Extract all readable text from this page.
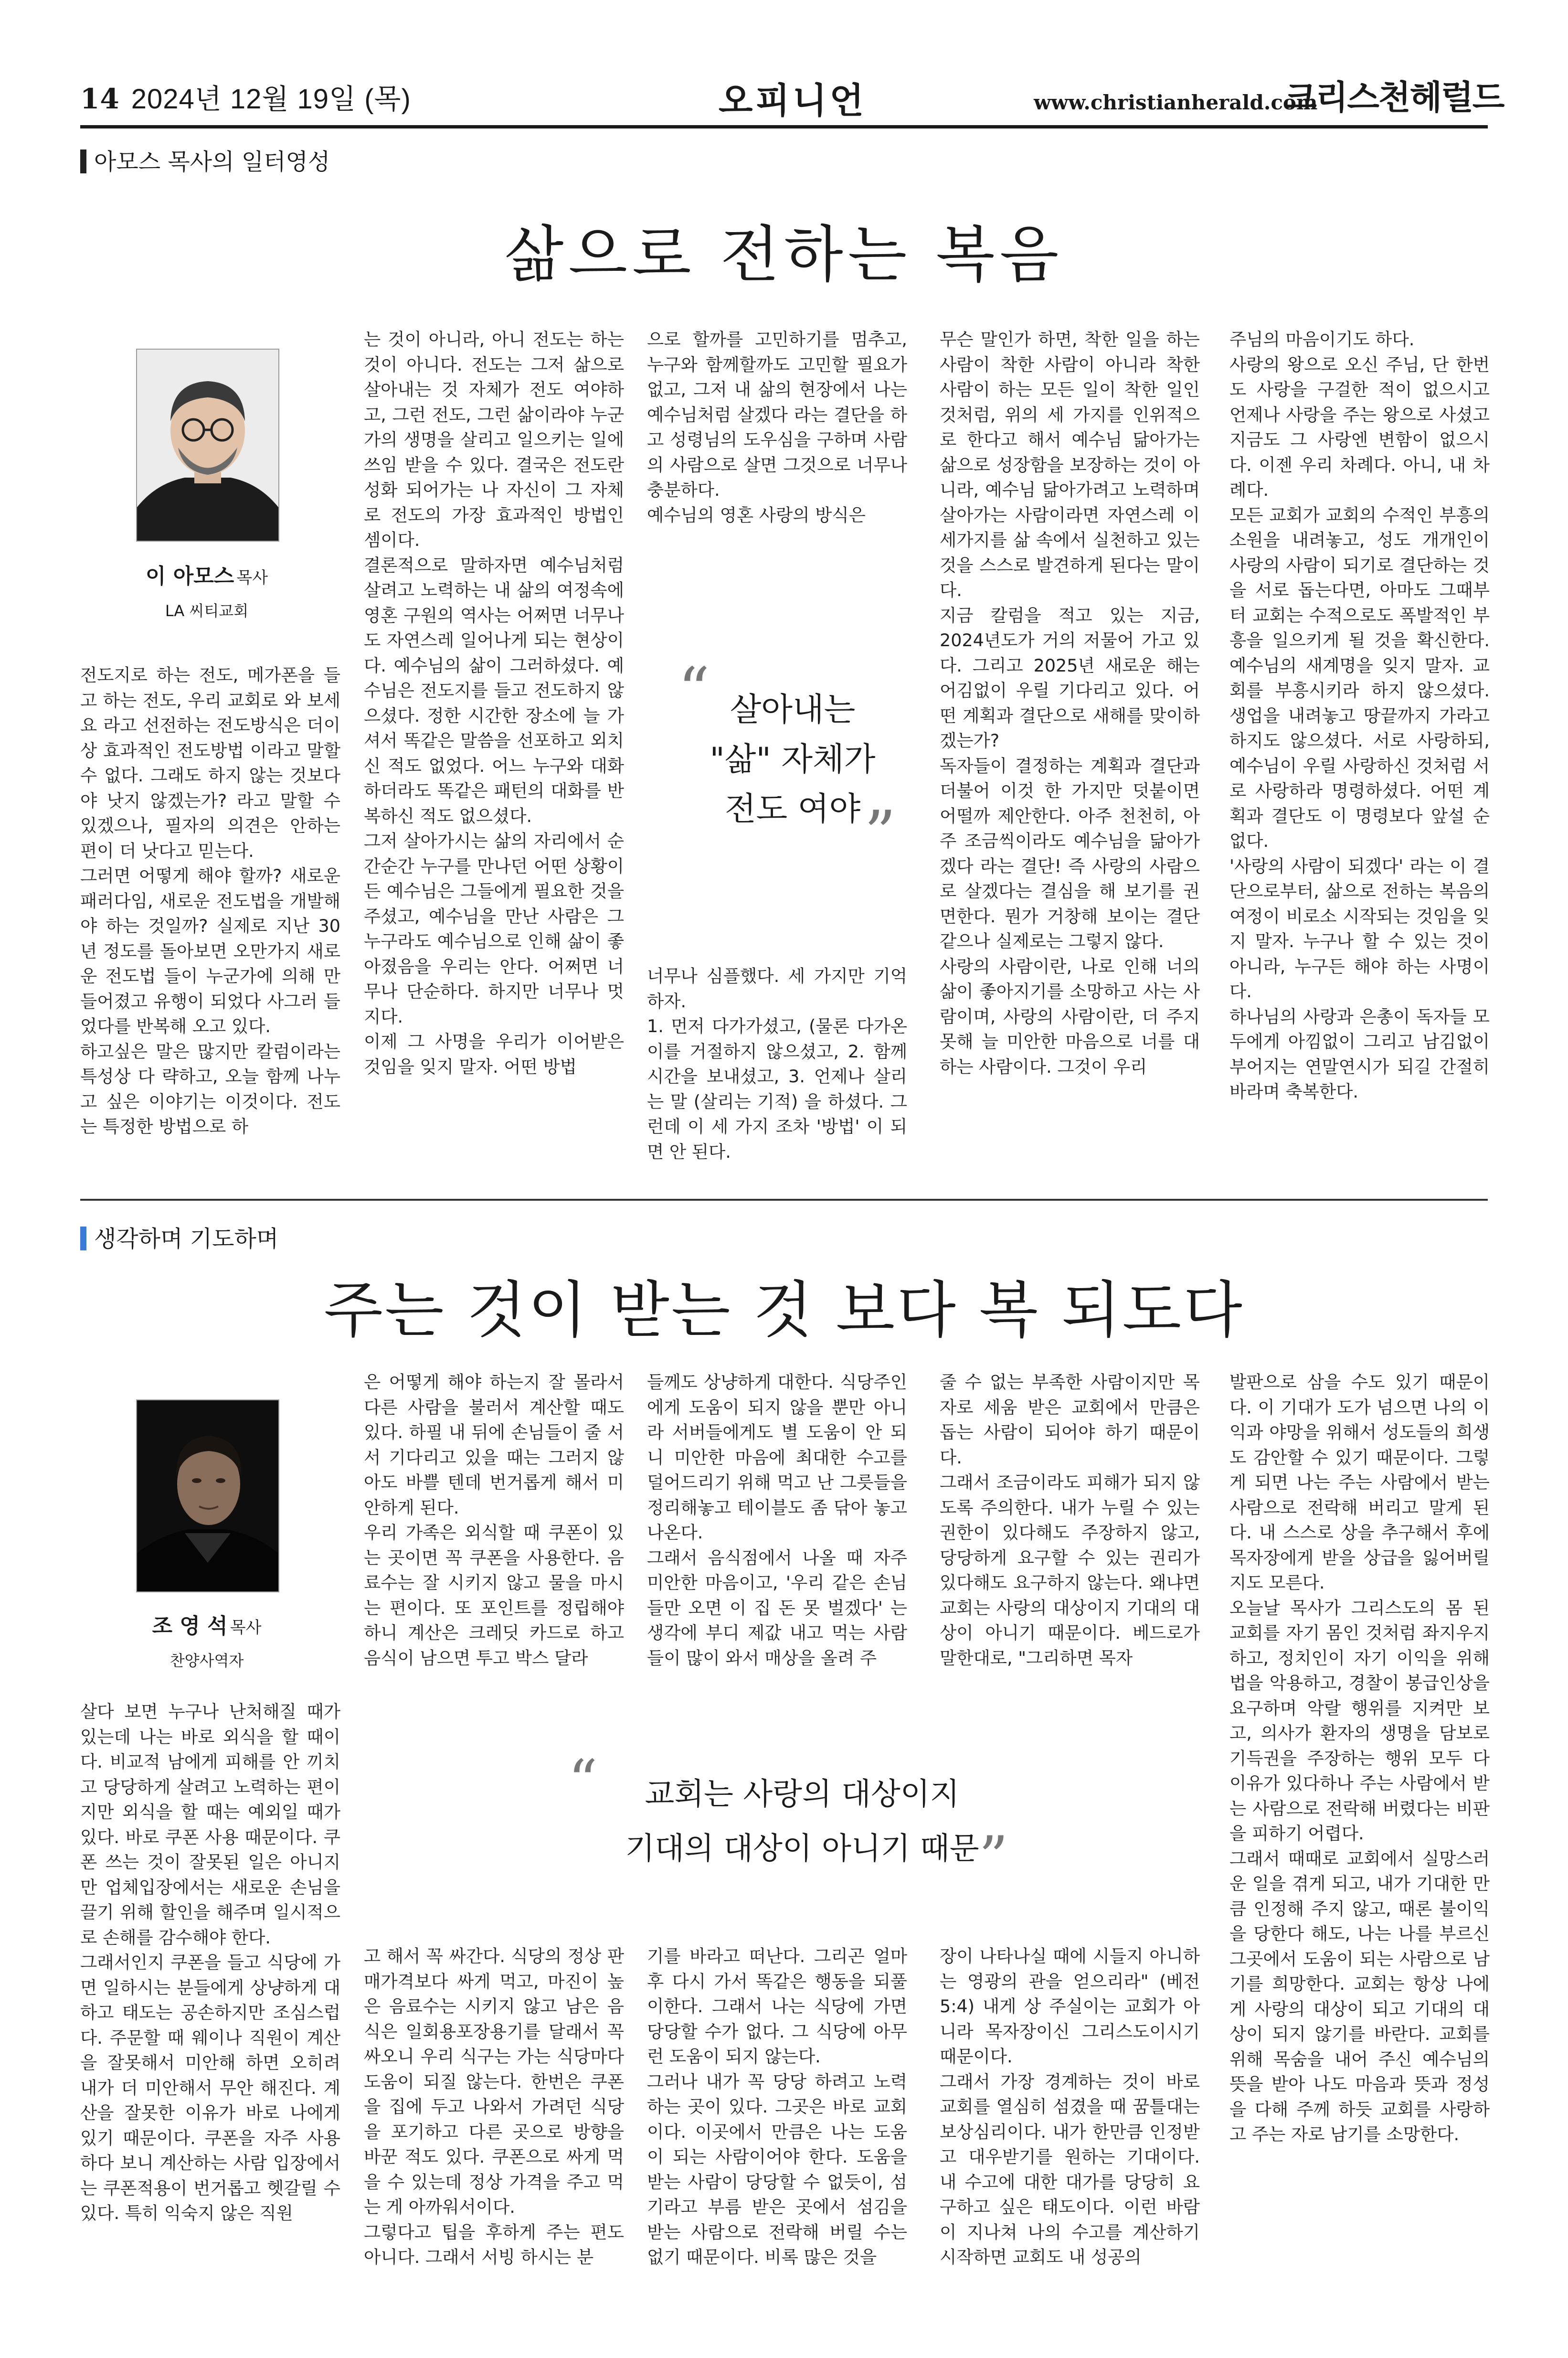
14 2024년 12월 19일 (목)	오피니언	www.christianherald.com
크리스천헤럴드
아모스 목사의 일터영성
삶으로 전하는 복음
이 아모스 목사
LA 씨티교회
전도지로 하는 전도, 메가폰을 들고 하는 전도, 우리 교회로 와 보세요 라고 선전하는 전도방식은 더이상 효과적인 전도방법 이라고 말할수 없다. 그래도 하지 않는 것보다야 낫지 않겠는가? 라고 말할 수 있겠으나, 필자의 의견은 안하는 편이 더 낫다고 믿는다.
그러면 어떻게 해야 할까? 새로운 패러다임, 새로운 전도법을 개발해야 하는 것일까? 실제로 지난 30년 정도를 돌아보면 오만가지 새로운 전도법 들이 누군가에 의해 만들어졌고 유행이 되었다 사그러 들었다를 반복해 오고 있다.
하고싶은 말은 많지만 칼럼이라는 특성상 다 략하고, 오늘 함께 나누고 싶은 이야기는 이것이다. 전도는 특정한 방법으로 하
는 것이 아니라, 아니 전도는 하는 것이 아니다. 전도는 그저 삶으로 살아내는 것 자체가 전도 여야하고, 그런 전도, 그런 삶이라야 누군가의 생명을 살리고 일으키는 일에 쓰임 받을 수 있다. 결국은 전도란 성화 되어가는 나 자신이 그 자체로 전도의 가장 효과적인 방법인 셈이다.
결론적으로 말하자면 예수님처럼 살려고 노력하는 내 삶의 여정속에 영혼 구원의 역사는 어쩌면 너무나도 자연스레 일어나게 되는 현상이다. 예수님의 삶이 그러하셨다. 예수님은 전도지를 들고 전도하지 않으셨다. 정한 시간한 장소에 늘 가셔서 똑같은 말씀을 선포하고 외치신 적도 없었다. 어느 누구와 대화하더라도 똑같은 패턴의 대화를 반복하신 적도 없으셨다.
그저 살아가시는 삶의 자리에서 순간순간 누구를 만나던 어떤 상황이든 예수님은 그들에게 필요한 것을 주셨고, 예수님을 만난 사람은 그 누구라도 예수님으로 인해 삶이 좋아졌음을 우리는 안다. 어쩌면 너무나 단순하다. 하지만 너무나 멋지다.
이제 그 사명을 우리가 이어받은 것임을 잊지 말자. 어떤 방법
으로 할까를 고민하기를 멈추고, 누구와 함께할까도 고민할 필요가 없고, 그저 내 삶의 현장에서 나는 예수님처럼 살겠다 라는 결단을 하고 성령님의 도우심을 구하며 사람의 사람으로 살면 그것으로 너무나 충분하다.
예수님의 영혼 사랑의 방식은
“ 살아내는
"삶" 자체가
전도 여야 ”
너무나 심플했다. 세 가지만 기억하자.
1. 먼저 다가가셨고, (물론 다가온 이를 거절하지 않으셨고, 2. 함께 시간을 보내셨고, 3. 언제나 살리는 말 (살리는 기적) 을 하셨다. 그런데 이 세 가지 조차 '방법' 이 되면 안 된다.
무슨 말인가 하면, 착한 일을 하는 사람이 착한 사람이 아니라 착한 사람이 하는 모든 일이 착한 일인 것처럼, 위의 세 가지를 인위적으로 한다고 해서 예수님 닮아가는 삶으로 성장함을 보장하는 것이 아니라, 예수님 닮아가려고 노력하며 살아가는 사람이라면 자연스레 이 세가지를 삶 속에서 실천하고 있는 것을 스스로 발견하게 된다는 말이다.
지금 칼럼을 적고 있는 지금, 2024년도가 거의 저물어 가고 있다. 그리고 2025년 새로운 해는 어김없이 우릴 기다리고 있다. 어떤 계획과 결단으로 새해를 맞이하겠는가?
독자들이 결정하는 계획과 결단과 더불어 이것 한 가지만 덧붙이면 어떨까 제안한다. 아주 천천히, 아주 조금씩이라도 예수님을 닮아가겠다 라는 결단! 즉 사랑의 사람으로 살겠다는 결심을 해 보기를 권면한다. 뭔가 거창해 보이는 결단 같으나 실제로는 그렇지 않다.
사랑의 사람이란, 나로 인해 너의 삶이 좋아지기를 소망하고 사는 사람이며, 사랑의 사람이란, 더 주지 못해 늘 미안한 마음으로 너를 대하는 사람이다. 그것이 우리
주님의 마음이기도 하다.
사랑의 왕으로 오신 주님, 단 한번도 사랑을 구걸한 적이 없으시고 언제나 사랑을 주는 왕으로 사셨고 지금도 그 사랑엔 변함이 없으시다. 이젠 우리 차례다. 아니, 내 차례다.
모든 교회가 교회의 수적인 부흥의 소원을 내려놓고, 성도 개개인이 사랑의 사람이 되기로 결단하는 것을 서로 돕는다면, 아마도 그때부터 교회는 수적으로도 폭발적인 부흥을 일으키게 될 것을 확신한다. 예수님의 새계명을 잊지 말자. 교회를 부흥시키라 하지 않으셨다. 생업을 내려놓고 땅끝까지 가라고 하지도 않으셨다. 서로 사랑하되, 예수님이 우릴 사랑하신 것처럼 서로 사랑하라 명령하셨다. 어떤 계획과 결단도 이 명령보다 앞설 순 없다.
'사랑의 사람이 되겠다' 라는 이 결단으로부터, 삶으로 전하는 복음의 여정이 비로소 시작되는 것임을 잊지 말자. 누구나 할 수 있는 것이 아니라, 누구든 해야 하는 사명이다.
하나님의 사랑과 은총이 독자들 모두에게 아낌없이 그리고 남김없이 부어지는 연말연시가 되길 간절히 바라며 축복한다.
생각하며 기도하며
주는 것이 받는 것 보다 복 되도다
조 영 석 목사
찬양사역자
살다 보면 누구나 난처해질 때가 있는데 나는 바로 외식을 할 때이다. 비교적 남에게 피해를 안 끼치고 당당하게 살려고 노력하는 편이지만 외식을 할 때는 예외일 때가 있다. 바로 쿠폰 사용 때문이다. 쿠폰 쓰는 것이 잘못된 일은 아니지만 업체입장에서는 새로운 손님을 끌기 위해 할인을 해주며 일시적으로 손해를 감수해야 한다.
그래서인지 쿠폰을 들고 식당에 가면 일하시는 분들에게 상냥하게 대하고 태도는 공손하지만 조심스럽다. 주문할 때 웨이나 직원이 계산을 잘못해서 미안해 하면 오히려 내가 더 미안해서 무안 해진다. 계산을 잘못한 이유가 바로 나에게 있기 때문이다. 쿠폰을 자주 사용하다 보니 계산하는 사람 입장에서는 쿠폰적용이 번거롭고 헷갈릴 수 있다. 특히 익숙지 않은 직원
은 어떻게 해야 하는지 잘 몰라서 다른 사람을 불러서 계산할 때도 있다. 하필 내 뒤에 손님들이 줄 서서 기다리고 있을 때는 그러지 않아도 바쁠 텐데 번거롭게 해서 미안하게 된다.
우리 가족은 외식할 때 쿠폰이 있는 곳이면 꼭 쿠폰을 사용한다. 음료수는 잘 시키지 않고 물을 마시는 편이다. 또 포인트를 정립해야 하니 계산은 크레딧 카드로 하고 음식이 남으면 투고 박스 달라
고 해서 꼭 싸간다. 식당의 정상 판매가격보다 싸게 먹고, 마진이 높은 음료수는 시키지 않고 남은 음식은 일회용포장용기를 달래서 꼭 싸오니 우리 식구는 가는 식당마다 도움이 되질 않는다. 한번은 쿠폰을 집에 두고 나와서 가려던 식당을 포기하고 다른 곳으로 방향을 바꾼 적도 있다. 쿠폰으로 싸게 먹을 수 있는데 정상 가격을 주고 먹는 게 아까워서이다.
그렇다고 팁을 후하게 주는 편도 아니다. 그래서 서빙 하시는 분
들께도 상냥하게 대한다. 식당주인에게 도움이 되지 않을 뿐만 아니라 서버들에게도 별 도움이 안 되니 미안한 마음에 최대한 수고를 덜어드리기 위해 먹고 난 그릇들을 정리해놓고 테이블도 좀 닦아 놓고 나온다.
그래서 음식점에서 나올 때 자주 미안한 마음이고, '우리 같은 손님들만 오면 이 집 돈 못 벌겠다' 는 생각에 부디 제값 내고 먹는 사람들이 많이 와서 매상을 올려 주
기를 바라고 떠난다. 그리곤 얼마 후 다시 가서 똑같은 행동을 되풀이한다. 그래서 나는 식당에 가면 당당할 수가 없다. 그 식당에 아무런 도움이 되지 않는다.
그러나 내가 꼭 당당 하려고 노력하는 곳이 있다. 그곳은 바로 교회이다. 이곳에서 만큼은 나는 도움이 되는 사람이어야 한다. 도움을 받는 사람이 당당할 수 없듯이, 섬기라고 부름 받은 곳에서 섬김을 받는 사람으로 전락해 버릴 수는 없기 때문이다. 비록 많은 것을
줄 수 없는 부족한 사람이지만 목자로 세움 받은 교회에서 만큼은 돕는 사람이 되어야 하기 때문이다.
그래서 조금이라도 피해가 되지 않도록 주의한다. 내가 누릴 수 있는 권한이 있다해도 주장하지 않고, 당당하게 요구할 수 있는 권리가 있다해도 요구하지 않는다. 왜냐면 교회는 사랑의 대상이지 기대의 대상이 아니기 때문이다. 베드로가 말한대로, "그리하면 목자
장이 나타나실 때에 시들지 아니하는 영광의 관을 얻으리라" (베전 5:4) 내게 상 주실이는 교회가 아니라 목자장이신 그리스도이시기 때문이다.
그래서 가장 경계하는 것이 바로 교회를 열심히 섬겼을 때 꿈틀대는 보상심리이다. 내가 한만큼 인정받고 대우받기를 원하는 기대이다. 내 수고에 대한 대가를 당당히 요구하고 싶은 태도이다. 이런 바람이 지나쳐 나의 수고를 계산하기 시작하면 교회도 내 성공의
발판으로 삼을 수도 있기 때문이다. 이 기대가 도가 넘으면 나의 이익과 야망을 위해서 성도들의 희생도 감안할 수 있기 때문이다. 그렇게 되면 나는 주는 사람에서 받는 사람으로 전락해 버리고 말게 된다. 내 스스로 상을 추구해서 후에 목자장에게 받을 상급을 잃어버릴지도 모른다.
오늘날 목사가 그리스도의 몸 된 교회를 자기 몸인 것처럼 좌지우지하고, 정치인이 자기 이익을 위해 법을 악용하고, 경찰이 봉급인상을 요구하며 악랄 행위를 지켜만 보고, 의사가 환자의 생명을 담보로 기득권을 주장하는 행위 모두 다 이유가 있다하나 주는 사람에서 받는 사람으로 전락해 버렸다는 비판을 피하기 어렵다.
그래서 때때로 교회에서 실망스러운 일을 겪게 되고, 내가 기대한 만큼 인정해 주지 않고, 때론 불이익을 당한다 해도, 나는 나를 부르신 그곳에서 도움이 되는 사람으로 남기를 희망한다. 교회는 항상 나에게 사랑의 대상이 되고 기대의 대상이 되지 않기를 바란다. 교회를 위해 목숨을 내어 주신 예수님의 뜻을 받아 나도 마음과 뜻과 정성을 다해 주께 하듯 교회를 사랑하고 주는 자로 남기를 소망한다.
“	교회는 사랑의 대상이지
기대의 대상이 아니기 때문 ”
